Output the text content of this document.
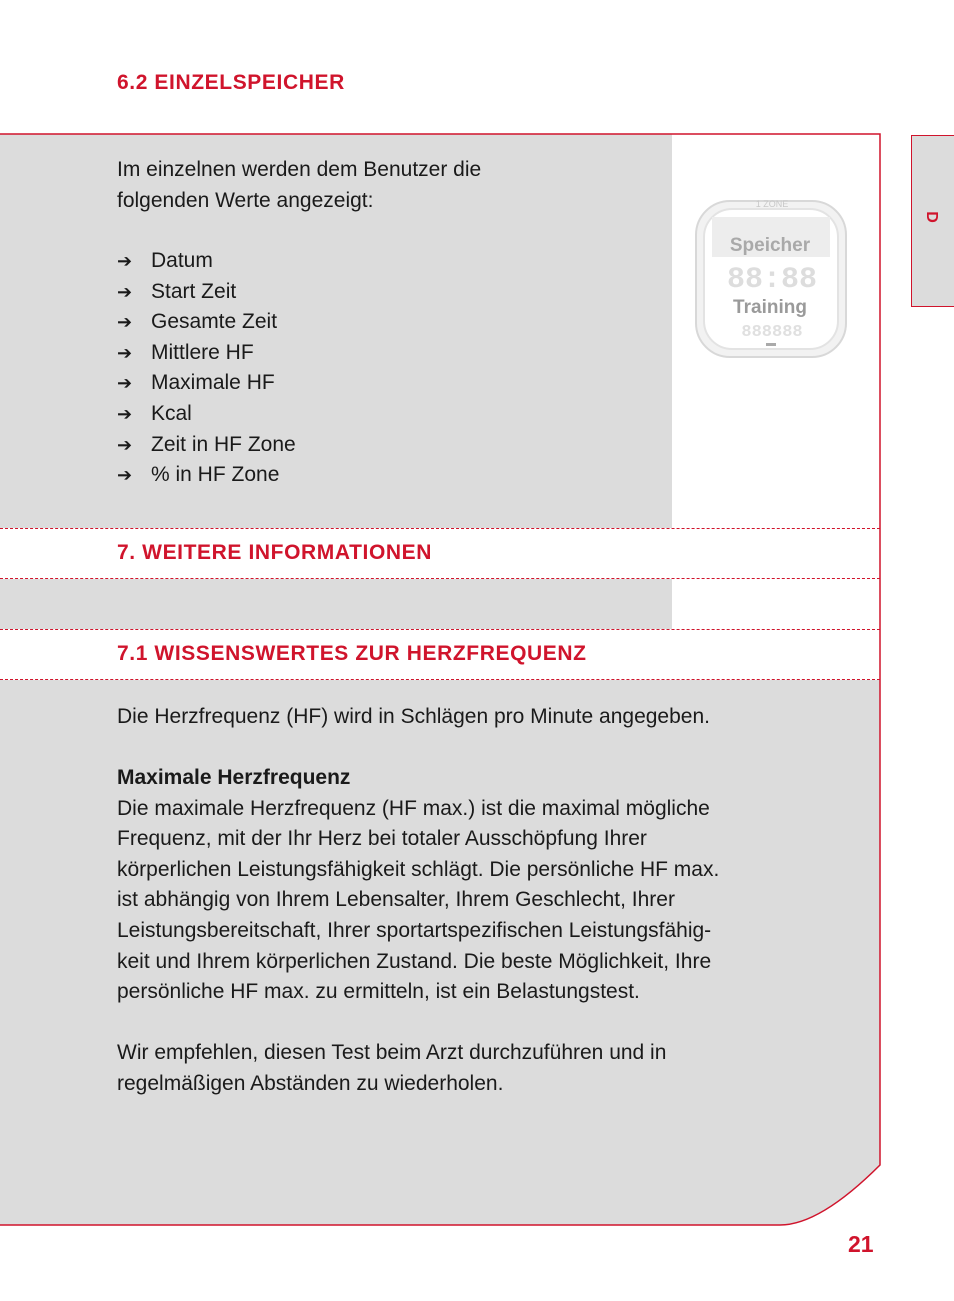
6.2 EINZELSPEICHER
D

Im einzelnen werden dem Benutzer die
folgenden Werte angezeigt:

➔ Datum
➔ Start Zeit
➔ Gesamte Zeit
➔ Mittlere HF
➔ Maximale HF
➔ Kcal
➔ Zeit in HF Zone
➔ % in HF Zone
1 ZONE
Speicher
88:88
Training
888888
7. WEITERE INFORMATIONEN
7.1 WISSENSWERTES ZUR HERZFREQUENZ

Die Herzfrequenz (HF) wird in Schlägen pro Minute angegeben.

Maximale Herzfrequenz
Die maximale Herzfrequenz (HF max.) ist die maximal mögliche
Frequenz, mit der Ihr Herz bei totaler Ausschöpfung Ihrer
körperlichen Leistungsfähigkeit schlägt. Die persönliche HF max.
ist abhängig von Ihrem Lebensalter, Ihrem Geschlecht, Ihrer
Leistungsbereitschaft, Ihrer sportartspezifischen Leistungsfähig-
keit und Ihrem körperlichen Zustand. Die beste Möglichkeit, Ihre
persönliche HF max. zu ermitteln, ist ein Belastungstest.
Wir empfehlen, diesen Test beim Arzt durchzuführen und in
regelmäßigen Abständen zu wiederholen.
21
